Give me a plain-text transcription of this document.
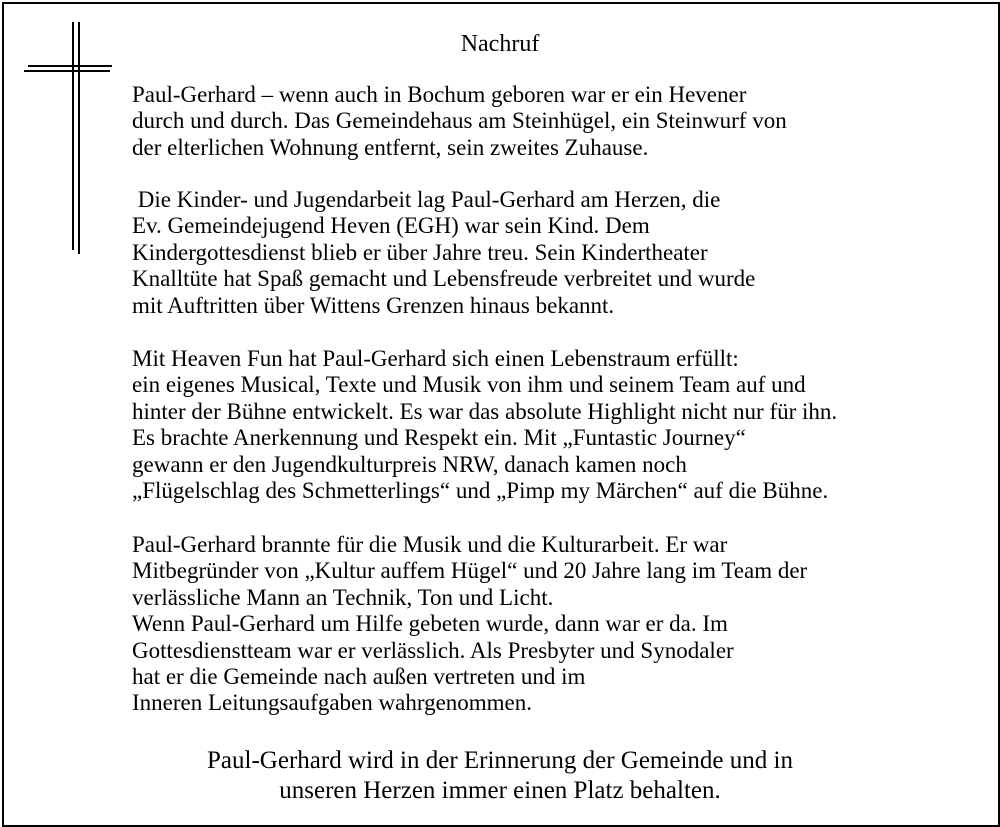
Nachruf

Paul-Gerhard – wenn auch in Bochum geboren war er ein Hevener
durch und durch. Das Gemeindehaus am Steinhügel, ein Steinwurf von
der elterlichen Wohnung entfernt, sein zweites Zuhause.

Die Kinder- und Jugendarbeit lag Paul-Gerhard am Herzen, die
Ev. Gemeindejugend Heven (EGH) war sein Kind. Dem
Kindergottesdienst blieb er über Jahre treu. Sein Kindertheater
Knalltüte hat Spaß gemacht und Lebensfreude verbreitet und wurde
mit Auftritten über Wittens Grenzen hinaus bekannt.

Mit Heaven Fun hat Paul-Gerhard sich einen Lebenstraum erfüllt:
ein eigenes Musical, Texte und Musik von ihm und seinem Team auf und
hinter der Bühne entwickelt. Es war das absolute Highlight nicht nur für ihn.
Es brachte Anerkennung und Respekt ein. Mit „Funtastic Journey“
gewann er den Jugendkulturpreis NRW, danach kamen noch
„Flügelschlag des Schmetterlings“ und „Pimp my Märchen“ auf die Bühne.

Paul-Gerhard brannte für die Musik und die Kulturarbeit. Er war
Mitbegründer von „Kultur auffem Hügel“ und 20 Jahre lang im Team der
verlässliche Mann an Technik, Ton und Licht.
Wenn Paul-Gerhard um Hilfe gebeten wurde, dann war er da. Im
Gottesdienstteam war er verlässlich. Als Presbyter und Synodaler
hat er die Gemeinde nach außen vertreten und im
Inneren Leitungsaufgaben wahrgenommen.

Paul-Gerhard wird in der Erinnerung der Gemeinde und in
unseren Herzen immer einen Platz behalten.
